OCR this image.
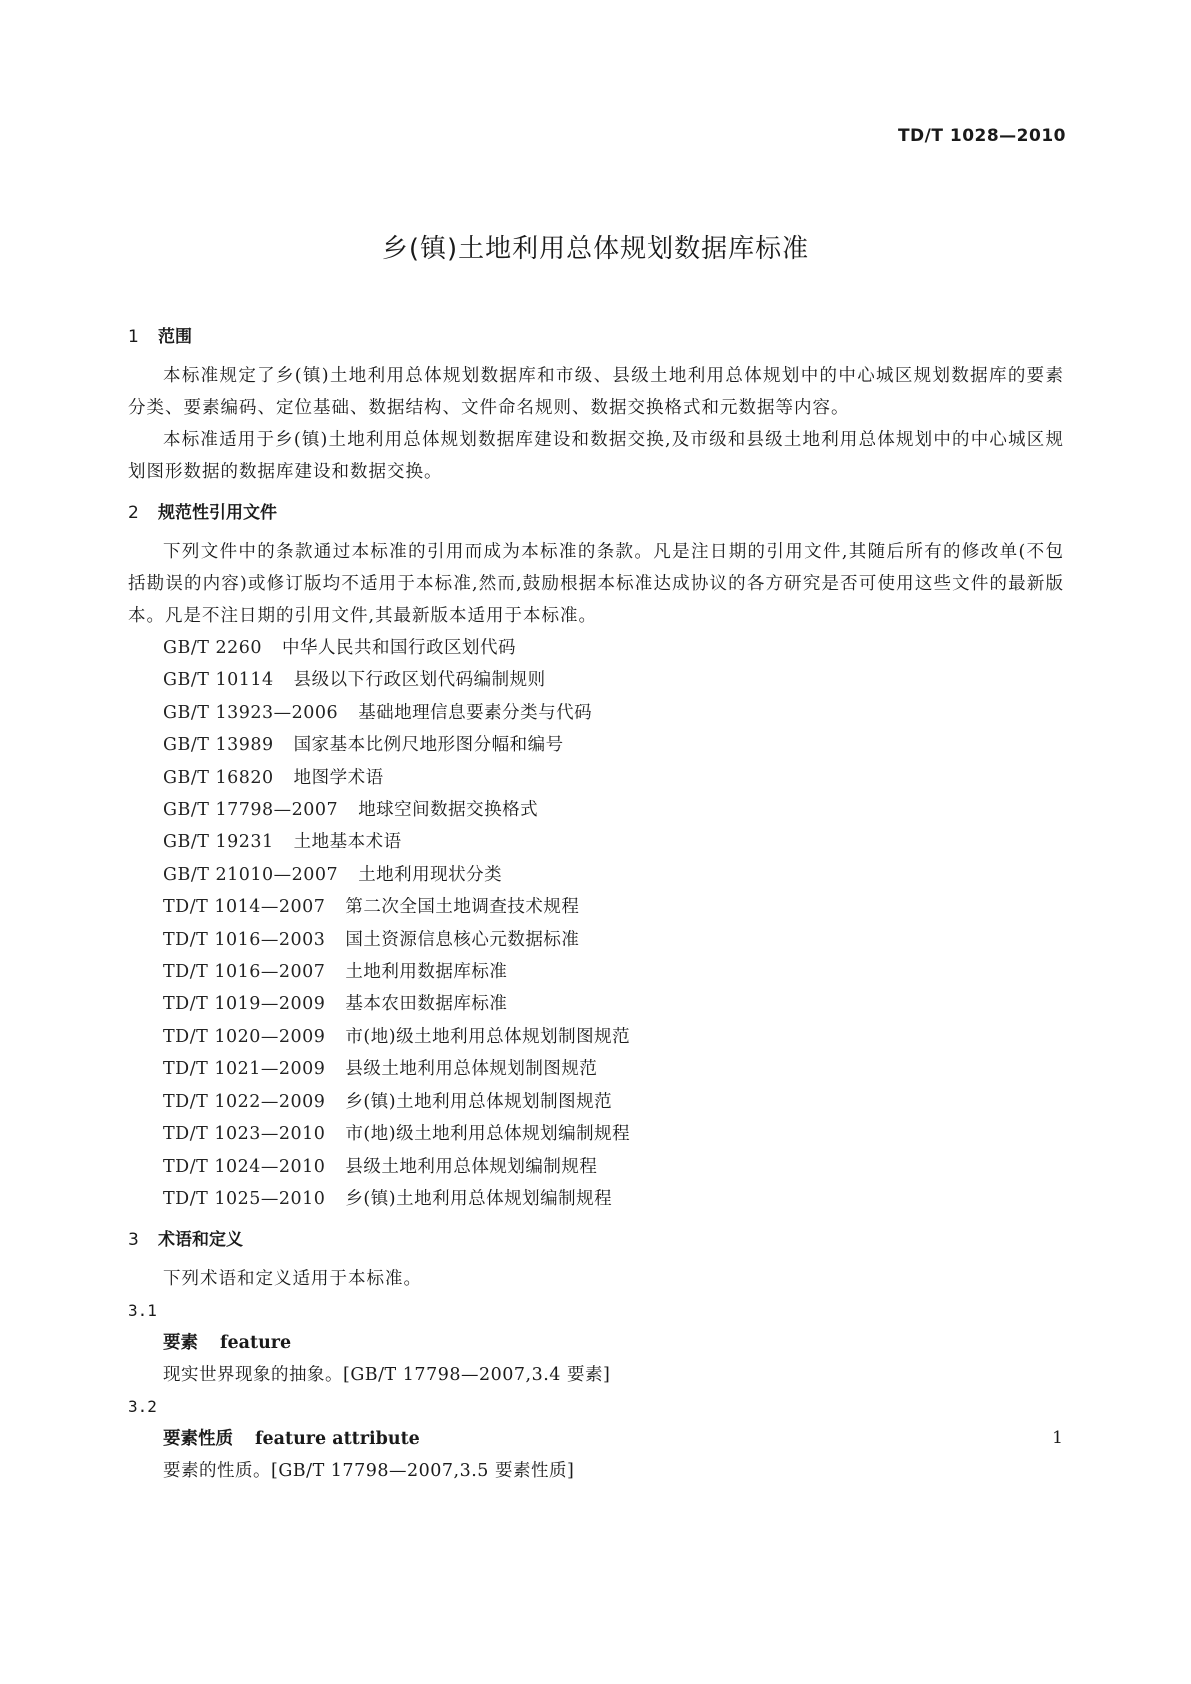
TD/T 1028—2010
乡(镇)土地利用总体规划数据库标准
1 范围
本标准规定了乡(镇)土地利用总体规划数据库和市级、县级土地利用总体规划中的中心城区规划数据库的要素分类、要素编码、定位基础、数据结构、文件命名规则、数据交换格式和元数据等内容。
本标准适用于乡(镇)土地利用总体规划数据库建设和数据交换,及市级和县级土地利用总体规划中的中心城区规划图形数据的数据库建设和数据交换。
2 规范性引用文件
下列文件中的条款通过本标准的引用而成为本标准的条款。凡是注日期的引用文件,其随后所有的修改单(不包括勘误的内容)或修订版均不适用于本标准,然而,鼓励根据本标准达成协议的各方研究是否可使用这些文件的最新版本。凡是不注日期的引用文件,其最新版本适用于本标准。
GB/T 2260 中华人民共和国行政区划代码
GB/T 10114 县级以下行政区划代码编制规则
GB/T 13923—2006 基础地理信息要素分类与代码
GB/T 13989 国家基本比例尺地形图分幅和编号
GB/T 16820 地图学术语
GB/T 17798—2007 地球空间数据交换格式
GB/T 19231 土地基本术语
GB/T 21010—2007 土地利用现状分类
TD/T 1014—2007 第二次全国土地调查技术规程
TD/T 1016—2003 国土资源信息核心元数据标准
TD/T 1016—2007 土地利用数据库标准
TD/T 1019—2009 基本农田数据库标准
TD/T 1020—2009 市(地)级土地利用总体规划制图规范
TD/T 1021—2009 县级土地利用总体规划制图规范
TD/T 1022—2009 乡(镇)土地利用总体规划制图规范
TD/T 1023—2010 市(地)级土地利用总体规划编制规程
TD/T 1024—2010 县级土地利用总体规划编制规程
TD/T 1025—2010 乡(镇)土地利用总体规划编制规程
3 术语和定义
下列术语和定义适用于本标准。
3.1
要素 feature
现实世界现象的抽象。[GB/T 17798—2007,3.4 要素]
3.2
要素性质 feature attribute
要素的性质。[GB/T 17798—2007,3.5 要素性质]
1
